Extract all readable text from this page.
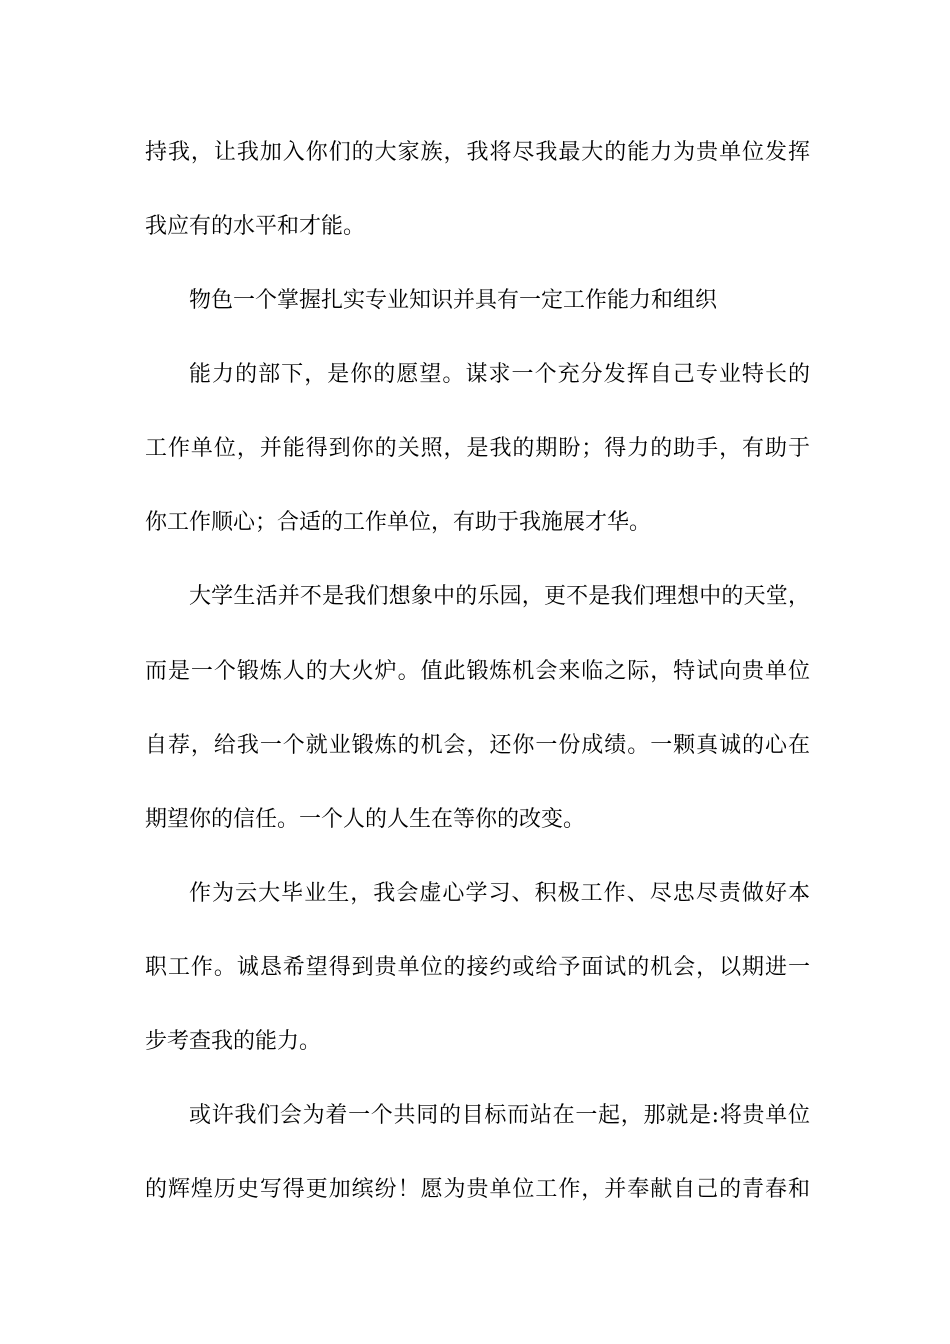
持我，让我加入你们的大家族，我将尽我最大的能力为贵单位发挥
我应有的水平和才能。
物色一个掌握扎实专业知识并具有一定工作能力和组织
能力的部下，是你的愿望。谋求一个充分发挥自己专业特长的
工作单位，并能得到你的关照，是我的期盼；得力的助手，有助于
你工作顺心；合适的工作单位，有助于我施展才华。
大学生活并不是我们想象中的乐园，更不是我们理想中的天堂，
而是一个锻炼人的大火炉。值此锻炼机会来临之际，特试向贵单位
自荐，给我一个就业锻炼的机会，还你一份成绩。一颗真诚的心在
期望你的信任。一个人的人生在等你的改变。
作为云大毕业生，我会虚心学习、积极工作、尽忠尽责做好本
职工作。诚恳希望得到贵单位的接约或给予面试的机会，以期进一
步考查我的能力。
或许我们会为着一个共同的目标而站在一起，那就是:将贵单位
的辉煌历史写得更加缤纷！愿为贵单位工作，并奉献自己的青春和
